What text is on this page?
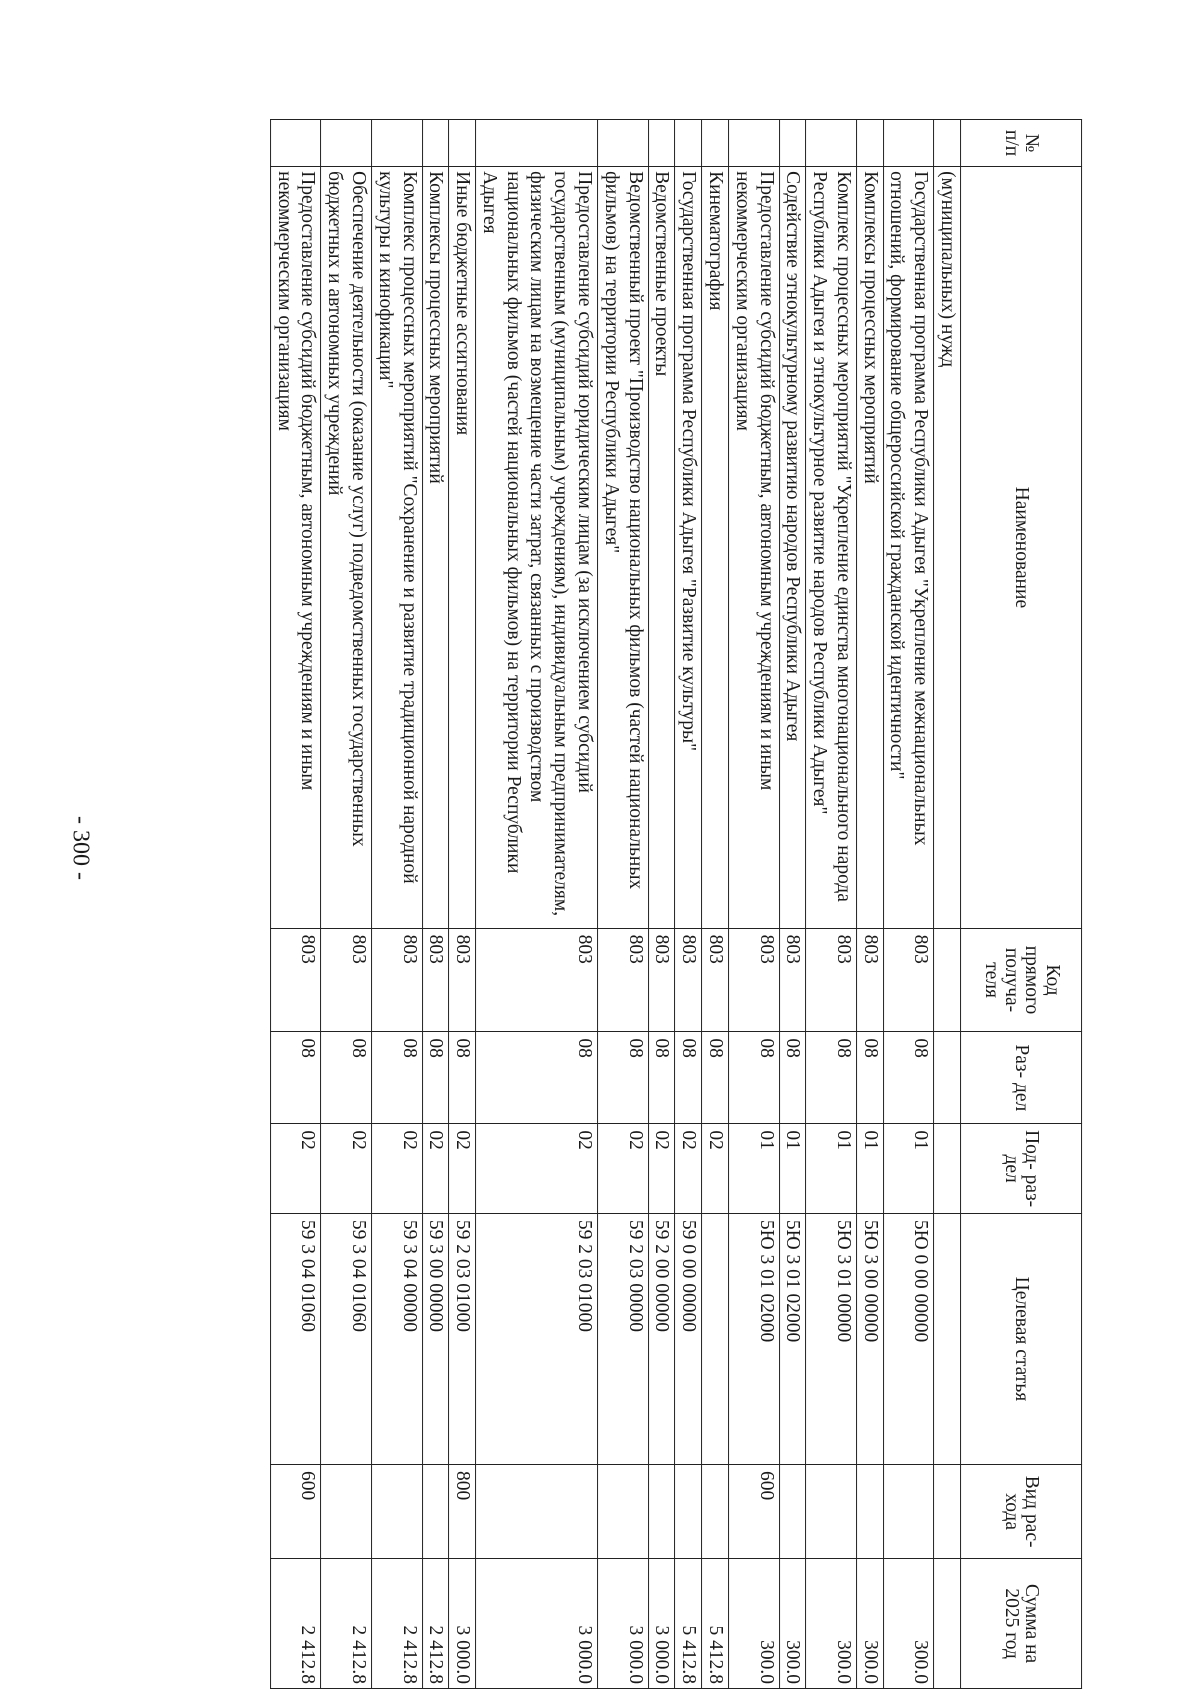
- 300 -
№ п/п	Наименование	Код прямого получа- теля	Раз- дел	Под- раз- дел	Целевая статья	Вид рас- хода	Сумма на 2025 год
	(муниципальных) нужд						
	Государственная программа Республики Адыгея "Укрепление межнациональных отношений, формирование общероссийской гражданской идентичности"	803	08	01	5Ю 0 00 00000		300.0
	Комплексы процессных мероприятий	803	08	01	5Ю 3 00 00000		300.0
	Комплекс процессных мероприятий "Укрепление единства многонационального народа Республики Адыгея и этнокультурное развитие народов Республики Адыгея"	803	08	01	5Ю 3 01 00000		300.0
	Содействие этнокультурному развитию народов Республики Адыгея	803	08	01	5Ю 3 01 02000		300.0
	Предоставление субсидий бюджетным, автономным учреждениям и иным некоммерческим организациям	803	08	01	5Ю 3 01 02000	600	300.0
	Кинематография	803	08	02			5 412.8
	Государственная программа Республики Адыгея "Развитие культуры"	803	08	02	59 0 00 00000		5 412.8
	Ведомственные проекты	803	08	02	59 2 00 00000		3 000.0
	Ведомственный проект "Производство национальных фильмов (частей национальных фильмов) на территории Республики Адыгея"	803	08	02	59 2 03 00000		3 000.0
	Предоставление субсидий юридическим лицам (за исключением субсидий государственным (муниципальным) учреждениям), индивидуальным предпринимателям, физическим лицам на возмещение части затрат, связанных с производством национальных фильмов (частей национальных фильмов) на территории Республики Адыгея	803	08	02	59 2 03 01000		3 000.0
	Иные бюджетные ассигнования	803	08	02	59 2 03 01000	800	3 000.0
	Комплексы процессных мероприятий	803	08	02	59 3 00 00000		2 412.8
	Комплекс процессных мероприятий "Сохранение и развитие традиционной народной культуры и кинофикации"	803	08	02	59 3 04 00000		2 412.8
	Обеспечение деятельности (оказание услуг) подведомственных государственных бюджетных и автономных учреждений	803	08	02	59 3 04 01060		2 412.8
	Предоставление субсидий бюджетным, автономным учреждениям и иным некоммерческим организациям	803	08	02	59 3 04 01060	600	2 412.8
